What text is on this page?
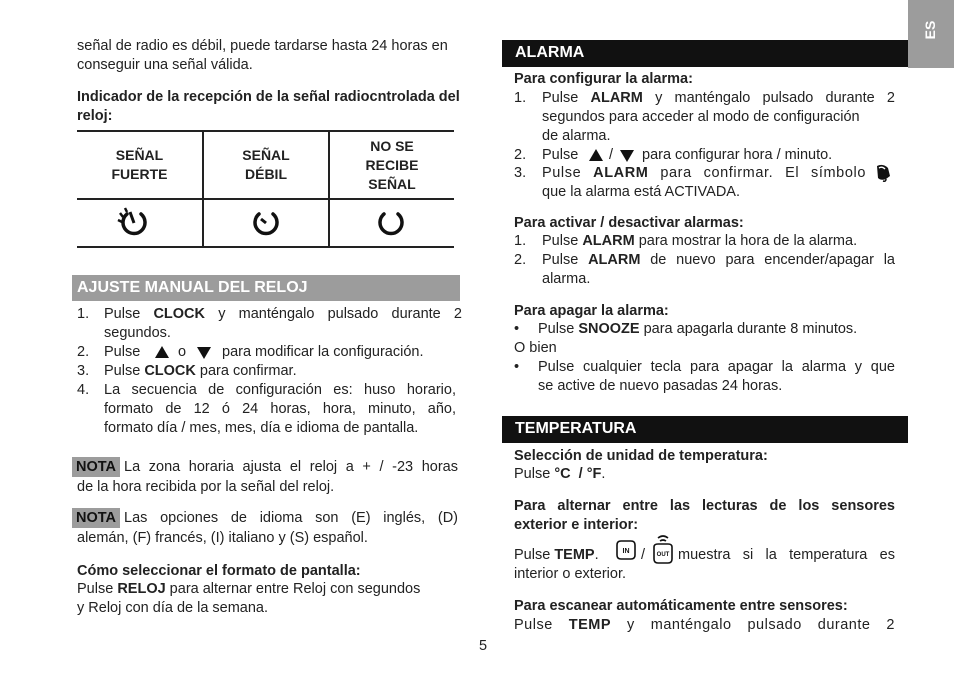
ES
señal de radio es débil, puede tardarse hasta 24 horas en conseguir una señal válida.
Indicador de la recepción de la señal radiocntrolada del reloj:
SEÑAL
FUERTE
SEÑAL
DÉBIL
NO SE
RECIBE
SEÑAL
AJUSTE MANUAL DEL RELOJ
1. Pulse CLOCK y manténgalo pulsado durante 2
segundos.
2. Pulse	o para modificar la configuración.
3. Pulse CLOCK para confirmar.
4. La secuencia de configuración es: huso horario,
formato de 12 ó 24 horas, hora, minuto, año,
formato día / mes, mes, día e idioma de pantalla.
NOTA La zona horaria ajusta el reloj a + / -23 horas
de la hora recibida por la señal del reloj.
NOTA Las opciones de idioma son (E) inglés, (D)
alemán, (F) francés, (I) italiano y (S) español.
Cómo seleccionar el formato de pantalla:
Pulse RELOJ para alternar entre Reloj con segundos
y Reloj con día de la semana.
ALARMA
Para configurar la alarma:
1. Pulse ALARM y manténgalo pulsado durante 2
segundos para acceder al modo de configuración
de alarma.
2. Pulse / para configurar hora / minuto.
3. Pulse ALARM para confirmar. El símbolo
que la alarma está ACTIVADA.
Para activar / desactivar alarmas:
1. Pulse ALARM para mostrar la hora de la alarma.
2. Pulse ALARM de nuevo para encender/apagar la
alarma.
Para apagar la alarma:
• Pulse SNOOZE para apagarla durante 8 minutos.
O bien
• Pulse cualquier tecla para apagar la alarma y que
se active de nuevo pasadas 24 horas.
TEMPERATURA
Selección de unidad de temperatura:
Pulse °C  / °F.
Para alternar entre las lecturas de los sensores
exterior e interior:
Pulse TEMP.	IN / OUT muestra si la temperatura es
interior o exterior.
Para escanear automáticamente entre sensores:
Pulse TEMP y manténgalo pulsado durante 2
5
